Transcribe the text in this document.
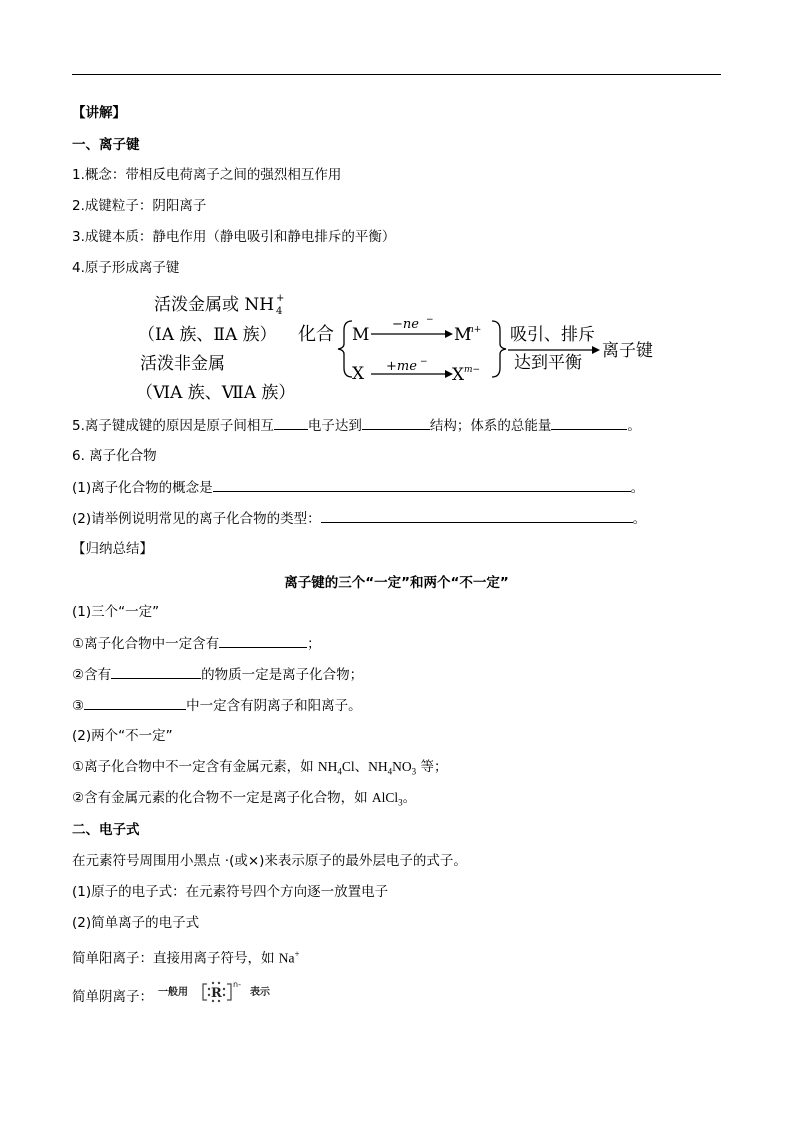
【讲解】
一、离子键
1.概念：带相反电荷离子之间的强烈相互作用
2.成键粒子：阴阳离子
3.成键本质：静电作用（静电吸引和静电排斥的平衡）
4.原子形成离子键
活泼金属或 NH +
4
（ⅠA 族、ⅡA 族） 化合
活泼非金属
（ⅥA 族、ⅦA 族）
M
−ne −
M
n+
X +me −
X m−
吸引、排斥
达到平衡
离子键
5.离子键成键的原因是原子间相互	电子达到	结构；体系的总能量	。
6. 离子化合物
(1)离子化合物的概念是	。
(2)请举例说明常见的离子化合物的类型：	。
【归纳总结】
离子键的三个“一定”和两个“不一定”
(1)三个“一定”
①离子化合物中一定含有	；
②含有	的物质一定是离子化合物；
③	中一定含有阴离子和阳离子。
(2)两个“不一定”
①离子化合物中不一定含有金属元素，如 $NH_4Cl$、$NH_4NO_3$ 等；
②含有金属元素的化合物不一定是离子化合物，如 AlCl$_3$。
二、电子式
在元素符号周围用小黑点 ·(或×)来表示原子的最外层电子的式子。
(1)原子的电子式：在元素符号四个方向逐一放置电子
(2)简单离子的电子式
简单阳离子：直接用离子符号，如 Na+
简单阴离子： 一般用 R
n-
表示
